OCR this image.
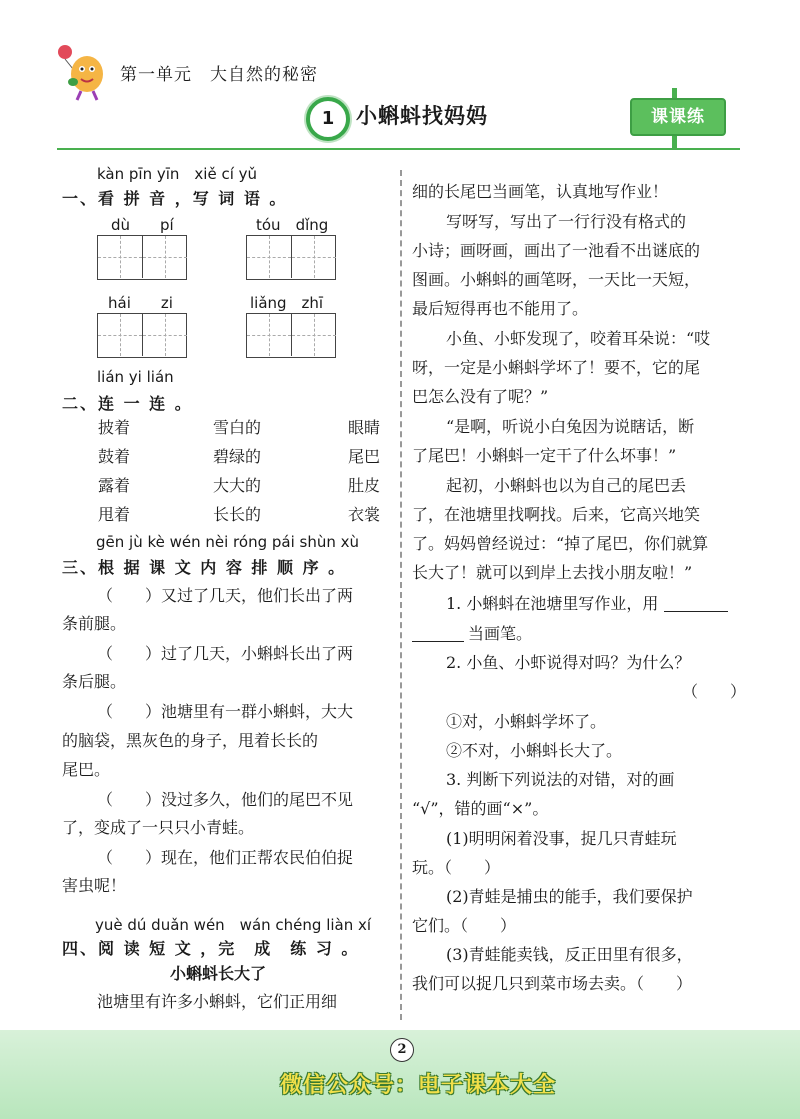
第一单元　大自然的秘密
1	小蝌蚪找妈妈	课课练
kàn pīn yīn　xiě cí yǔ
一、看 拼 音 ，写 词 语 。
dù　　pí	tóu　dǐng
hái　　zi	liǎng　zhī
lián yi lián
二、连 一 连 。
披着	雪白的	眼睛
鼓着	碧绿的	尾巴
露着	大大的	肚皮
甩着	长长的	衣裳
gēn jù kè wén nèi róng pái shùn xù
三、根 据 课 文 内 容 排 顺 序 。
（　　）又过了几天，他们长出了两
条前腿。
（　　）过了几天，小蝌蚪长出了两
条后腿。
（　　）池塘里有一群小蝌蚪，大大
的脑袋，黑灰色的身子，甩着长长的
尾巴。
（　　）没过多久，他们的尾巴不见
了，变成了一只只小青蛙。
（　　）现在，他们正帮农民伯伯捉
害虫呢！
yuè dú duǎn wén　wán chéng liàn xí
四、阅 读 短 文 ，完　成　练 习 。
小蝌蚪长大了
池塘里有许多小蝌蚪，它们正用细
细的长尾巴当画笔，认真地写作业！
写呀写，写出了一行行没有格式的
小诗；画呀画，画出了一池看不出谜底的
图画。小蝌蚪的画笔呀，一天比一天短，
最后短得再也不能用了。
小鱼、小虾发现了，咬着耳朵说：“哎
呀，一定是小蝌蚪学坏了！要不，它的尾
巴怎么没有了呢？”
“是啊，听说小白兔因为说瞎话，断
了尾巴！小蝌蚪一定干了什么坏事！”
起初，小蝌蚪也以为自己的尾巴丢
了，在池塘里找啊找。后来，它高兴地笑
了。妈妈曾经说过：“掉了尾巴，你们就算
长大了！就可以到岸上去找小朋友啦！”
1. 小蝌蚪在池塘里写作业，用
当画笔。
2. 小鱼、小虾说得对吗？为什么？
（　　）
①对，小蝌蚪学坏了。
②不对，小蝌蚪长大了。
3. 判断下列说法的对错，对的画
“√”，错的画“×”。
(1)明明闲着没事，捉几只青蛙玩
玩。（　　）
(2)青蛙是捕虫的能手，我们要保护
它们。（　　）
(3)青蛙能卖钱，反正田里有很多，
我们可以捉几只到菜市场去卖。（　　）
2
微信公众号：电子课本大全
